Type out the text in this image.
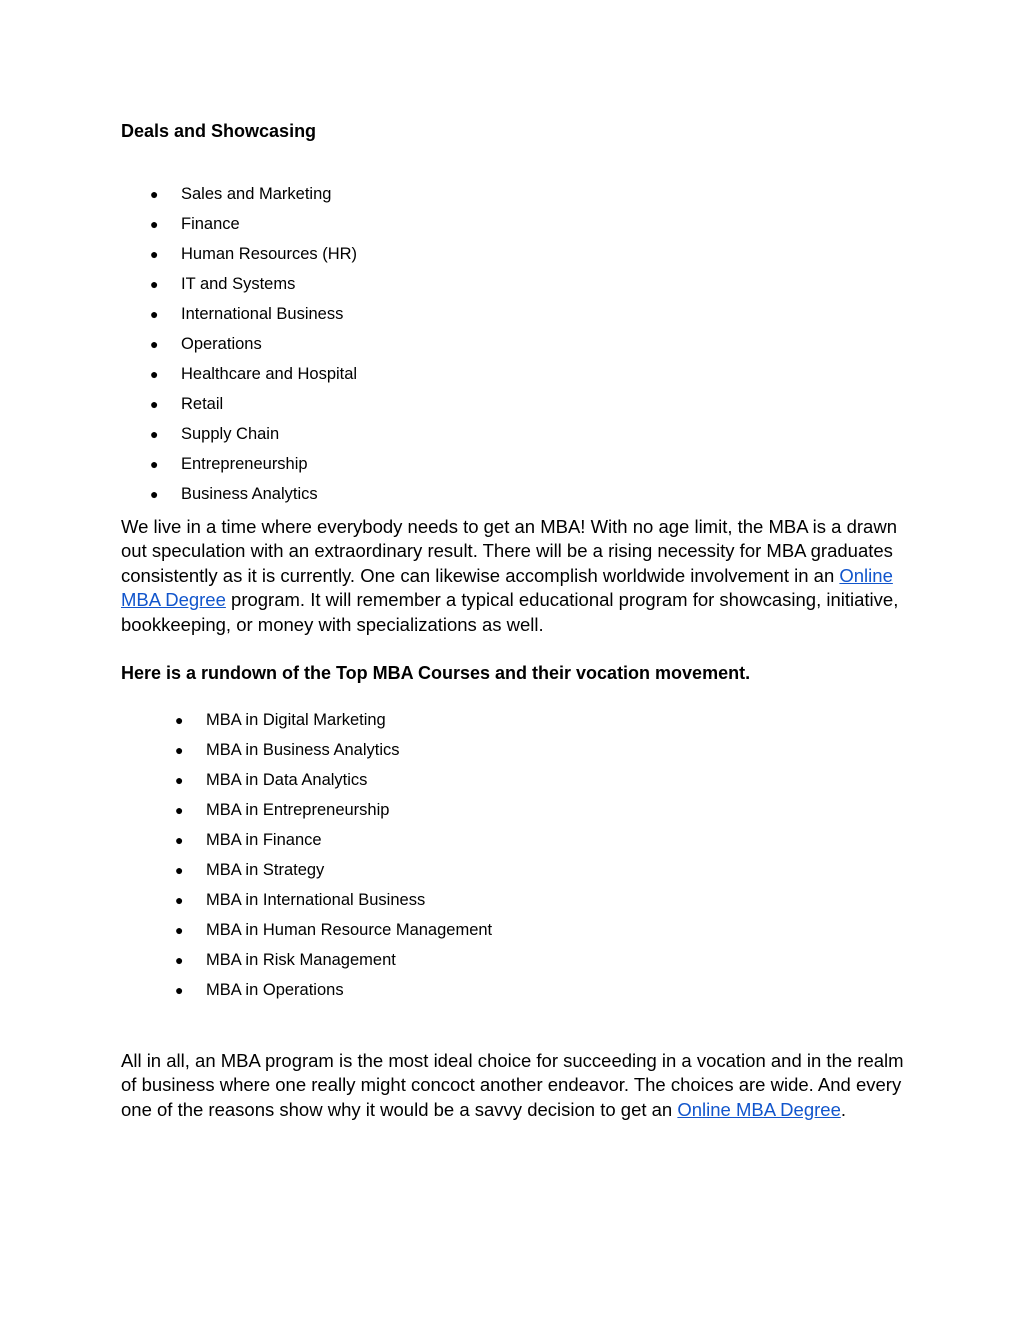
Deals and Showcasing
● Sales and Marketing
● Finance
● Human Resources (HR)
● IT and Systems
● International Business
● Operations
● Healthcare and Hospital
● Retail
● Supply Chain
● Entrepreneurship
● Business Analytics

We live in a time where everybody needs to get an MBA! With no age limit, the MBA is a drawn out speculation with an extraordinary result. There will be a rising necessity for MBA graduates consistently as it is currently. One can likewise accomplish worldwide involvement in an Online MBA Degree program. It will remember a typical educational program for showcasing, initiative, bookkeeping, or money with specializations as well.

Here is a rundown of the Top MBA Courses and their vocation movement.
● MBA in Digital Marketing
● MBA in Business Analytics
● MBA in Data Analytics
● MBA in Entrepreneurship
● MBA in Finance
● MBA in Strategy
● MBA in International Business
● MBA in Human Resource Management
● MBA in Risk Management
● MBA in Operations

All in all, an MBA program is the most ideal choice for succeeding in a vocation and in the realm of business where one really might concoct another endeavor. The choices are wide. And every one of the reasons show why it would be a savvy decision to get an Online MBA Degree.
